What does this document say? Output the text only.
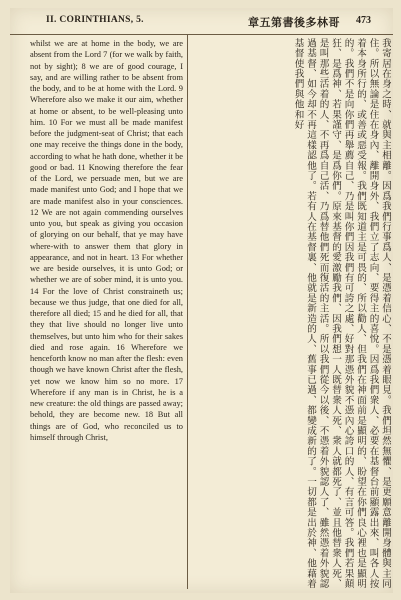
II. CORINTHIANS, 5.	章五第書後多林哥 473

whilst we are at home in the body, we are absent from the Lord 7 (for we walk by faith, not by sight); 8 we are of good courage, I say, and are willing rather to be absent from the body, and to be at home with the Lord. 9 Wherefore also we make it our aim, whether at home or absent, to be well-pleasing unto him. 10 For we must all be made manifest before the judgment-seat of Christ; that each one may receive the things done in the body, according to what he hath done, whether it be good or bad. 11 Knowing therefore the fear of the Lord, we persuade men, but we are made manifest unto God; and I hope that we are made manifest also in your consciences. 12 We are not again commending ourselves unto you, but speak as giving you occasion of glorying on our behalf, that ye may have where-with to answer them that glory in appearance, and not in heart. 13 For whether we are beside ourselves, it is unto God; or whether we are of sober mind, it is unto you. 14 For the love of Christ constraineth us; because we thus judge, that one died for all, therefore all died; 15 and he died for all, that they that live should no longer live unto themselves, but unto him who for their sakes died and rose again. 16 Wherefore we henceforth know no man after the flesh: even though we have known Christ after the flesh, yet now we know him so no more. 17 Wherefore if any man is in Christ, he is a new creature: the old things are passed away; behold, they are become new. 18 But all things are of God, who reconciled us to himself through Christ,	我寄居在身之時、就與主相離。因爲我們行事爲人、是憑着信心、不是憑着眼見。我們坦然無懼、是更願意離開身體與主同住。所以無論是住在身內、離開身外、我們立了志向、要得主的喜悅。因爲我們衆人、必要在基督台前顯露出來、叫各人按着本身所行的、或善或惡受報。我們既知道主是可畏的、所以勸人、但我們在神面前是顯明的、盼望在你們良心裡也是顯明的。我們不是向你們再舉薦自己、乃是叫你們因我們有可誇之處、好對那憑外貌不憑內心誇口的人、有言可答。我們若果顛狂、是爲神、若果謹守、是爲你們。原來基督的愛激勵我們、因我們想一人既替衆人死、衆人就都死了、並且他替衆人死、是叫那些活着的人、不再爲自己活、乃爲替他們死而復活的主活。所以我們從今以後、不憑着外貌認人了、雖然憑着外貌認過基督、如今却不再這樣認他了。若有人在基督裏、他就是新造的人、舊事已過、都變成新的了。一切都是出於神、他藉着基督使我們與他和好
